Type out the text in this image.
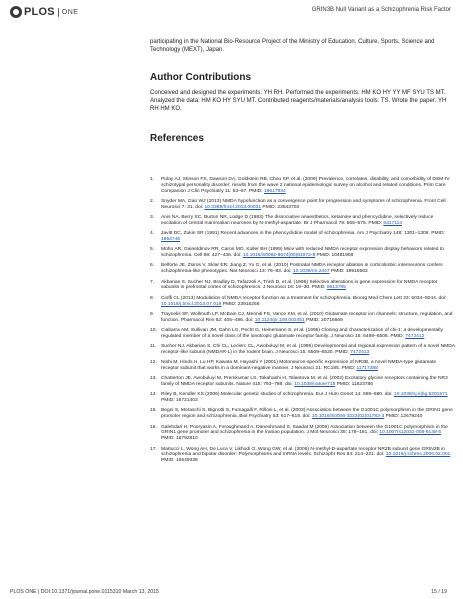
PLOS ONE	GRIN3B Null Variant as a Schizophrenia Risk Factor
participating in the National Bio-Resource Project of the Ministry of Education, Culture, Sports, Science and Technology (MEXT), Japan.
Author Contributions
Conceived and designed the experiments: YH RH. Performed the experiments: HM KO HY YY MF SYU TS MT. Analyzed the data: HM KO HY SYU MT. Contributed reagents/materials/analysis tools: TS. Wrote the paper: YH RH HM KO.
References
1.	Pulay AJ, Stinson FS, Dawson DA, Goldstein RB, Chou SP, et al. (2009) Prevalence, correlates, disability, and comorbidity of DSM-IV schizotypal personality disorder: results from the wave 2 national epidemiologic survey on alcohol and related conditions. Prim Care Companion J Clin Psychiatry 11: 53–67. PMID: 19617934
2.	Snyder MA, Gao WJ (2013) NMDA hypofunction as a convergence point for progression and symptoms of schizophrenia. Front Cell Neurosci 7: 31. doi: 10.3389/fncel.2013.00031 PMID: 23543703
3.	Anis NA, Berry SC, Burton NR, Lodge D (1983) The dissociative anaesthetics, ketamine and phencyclidine, selectively reduce excitation of central mammalian neurones by N-methyl-aspartate. Br J Pharmacol 79: 565–575. PMID: 6317114
4.	Javitt DC, Zukin SR (1991) Recent advances in the phencyclidine model of schizophrenia. Am J Psychiatry 148: 1301–1308. PMID: 1654746
5.	Mohn AR, Gainetdinov RR, Caron MG, Koller BH (1999) Mice with reduced NMDA receptor expression display behaviors related to schizophrenia. Cell 98: 427–436. doi: 10.1016/S0092-8674(00)81972-8 PMID: 10481908
6.	Belforte JE, Zsiros V, Sklar ER, Jiang Z, Yu G, et al. (2010) Postnatal NMDA receptor ablation in corticolimbic interneurons confers schizophrenia-like phenotypes. Nat Neurosci 13: 76–83. doi: 10.1038/nn.2447 PMID: 19915563
7.	Akbarian S, Sucher NJ, Bradley D, Tafazzoli A, Trinh D, et al. (1996) Selective alterations in gene expression for NMDA receptor subunits in prefrontal cortex of schizophrenics. J Neurosci 16: 19–30. PMID: 8613785
8.	Cioffi CL (2013) Modulation of NMDA receptor function as a treatment for schizophrenia. Bioorg Med Chem Lett 23: 5034–5044. doi: 10.1016/j.bmcl.2013.07.019 PMID: 23916256
9.	Traynelis SF, Wollmuth LP, McBain CJ, Menniti FS, Vance KM, et al. (2010) Glutamate receptor ion channels: structure, regulation, and function. Pharmacol Rev 62: 405–496. doi: 10.1124/pr.109.002451 PMID: 20716669
10. Ciabarra AM, Sullivan JM, Gahn LG, Pecht G, Heinemann S, et al. (1995) Cloning and characterization of chi-1: a developmentally regulated member of a novel class of the ionotropic glutamate receptor family. J Neurosci 15: 6498–6508. PMID: 7472412
11. Sucher NJ, Akbarian S, Chi CL, Leclerc CL, Awobuluyi M, et al. (1995) Developmental and regional expression pattern of a novel NMDA receptor-like subunit (NMDAR-L) in the rodent brain. J Neurosci 15: 6509–6520. PMID: 7472413
12. Nishi M, Hinds H, Lu HP, Kawata M, Hayashi Y (2001) Motoneuron-specific expression of NR3B, a novel NMDA-type glutamate receptor subunit that works in a dominant-negative manner. J Neurosci 21: RC185. PMID: 11717388
13. Chatterton JE, Awobuluyi M, Premkumar LS, Takahashi H, Talantova M, et al. (2002) Excitatory glycine receptors containing the NR3 family of NMDA receptor subunits. Nature 415: 793–798. doi: 10.1038/nature715 PMID: 11823786
14. Riley B, Kendler KS (2006) Molecular genetic studies of schizophrenia. Eur J Hum Genet 14: 669–680. doi: 10.1038/sj.ejhg.5201571 PMID: 16721403
15. Begni S, Moraschi S, Bignotti S, Fumagalli F, Rillosi L, et al. (2003) Association between the G1001C polymorphism in the GRIN1 gene promoter region and schizophrenia. Biol Psychiatry 53: 617–619. doi: 10.1016/S0006-3223(02)01783-3 PMID: 12679240
16. Galehdari H, Pooryasin A, Foroughmand A, Daneshmand S, Saadat M (2009) Association between the G1001C polymorphism in the GRIN1 gene promoter and schizophrenia in the Iranian population. J Mol Neurosci 38: 178–181. doi: 10.1007/s12031-008-9148-5 PMID: 18792810
17. Martucci L, Wong AH, De Luca V, Likhodi O, Wong GW, et al. (2006) N-methyl-D-aspartate receptor NR2B subunit gene GRIN2B in schizophrenia and bipolar disorder: Polymorphisms and mRNA levels. Schizophr Res 84: 214–221. doi: 10.1016/j.schres.2006.02.001 PMID: 16549338
PLOS ONE | DOI:10.1371/journal.pone.0115310 March 13, 2015	15 / 19
